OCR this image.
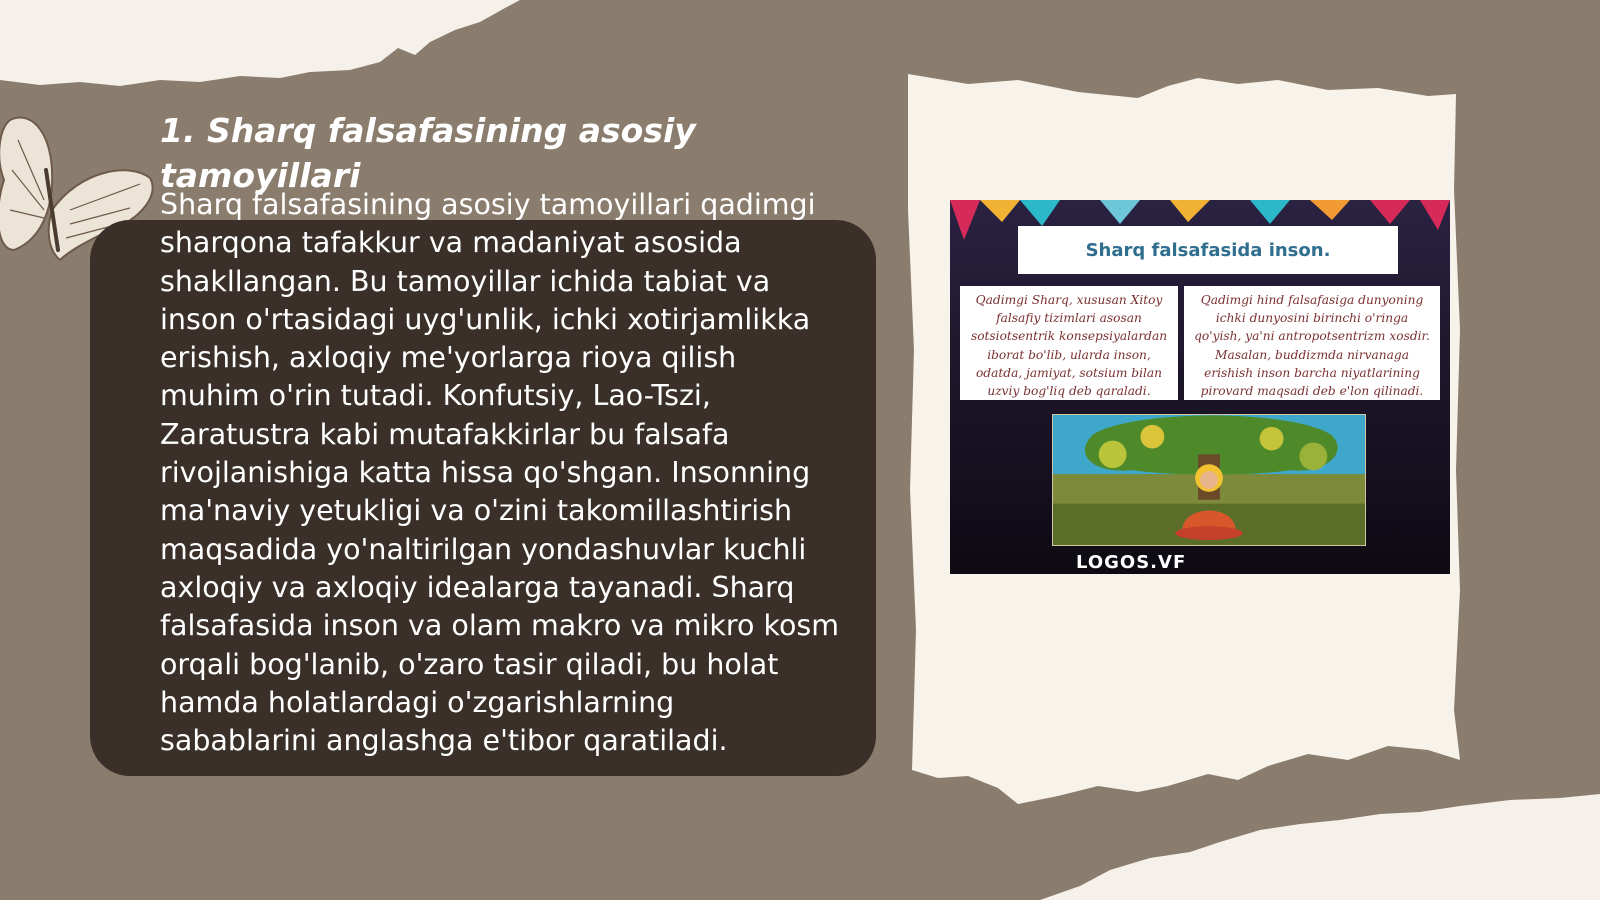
1. Sharq falsafasining asosiy tamoyillari

Sharq falsafasining asosiy tamoyillari qadimgi sharqona tafakkur va madaniyat asosida shakllangan. Bu tamoyillar ichida tabiat va inson o'rtasidagi uyg'unlik, ichki xotirjamlikka erishish, axloqiy me'yorlarga rioya qilish muhim o'rin tutadi. Konfutsiy, Lao-Tszi, Zaratustra kabi mutafakkirlar bu falsafa rivojlanishiga katta hissa qo'shgan. Insonning ma'naviy yetukligi va o'zini takomillashtirish maqsadida yo'naltirilgan yondashuvlar kuchli axloqiy va axloqiy idealarga tayanadi. Sharq falsafasida inson va olam makro va mikro kosm orqali bog'lanib, o'zaro tasir qiladi, bu holat hamda holatlardagi o'zgarishlarning sabablarini anglashga e'tibor qaratiladi.

Sharq falsafasida inson.
Qadimgi Sharq, xususan Xitoy falsafiy tizimlari asosan sotsiotsentrik konsepsiyalardan iborat bo'lib, ularda inson, odatda, jamiyat, sotsium bilan uzviy bog'liq deb qaraladi.
Qadimgi hind falsafasiga dunyoning ichki dunyosini birinchi o'ringa qo'yish, ya'ni antropotsentrizm xosdir. Masalan, buddizmda nirvanaga erishish inson barcha niyatlarining pirovard maqsadi deb e'lon qilinadi.
LOGOS.VF
